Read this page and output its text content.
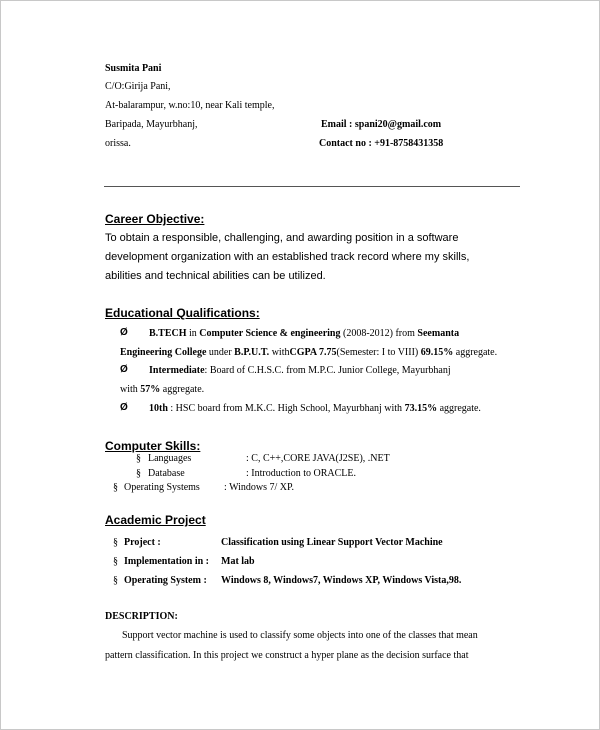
Susmita Pani
C/O:Girija Pani,
At-balarampur, w.no:10, near Kali temple,
Baripada, Mayurbhanj,
orissa.
Email : spani20@gmail.com
Contact no : +91-8758431358
Career Objective:
To obtain a responsible, challenging, and awarding position in a software
development organization with an established track record where my skills,
abilities and technical abilities can be utilized.
Educational Qualifications:
Ø B.TECH in Computer Science & engineering (2008-2012) from Seemanta
Engineering College under B.P.U.T. withCGPA 7.75(Semester: I to VIII) 69.15% aggregate.
Ø Intermediate: Board of C.H.S.C. from M.P.C. Junior College, Mayurbhanj
with 57% aggregate.
Ø 10th : HSC board from M.K.C. High School, Mayurbhanj with 73.15% aggregate.
Computer Skills:
§ Languages	: C, C++,CORE JAVA(J2SE), .NET
§ Database	: Introduction to ORACLE.
§ Operating Systems : Windows 7/ XP.
Academic Project
§ Project :	Classification using Linear Support Vector Machine
§ Implementation in : Mat lab
§ Operating System : Windows 8, Windows7, Windows XP, Windows Vista,98.
DESCRIPTION:
Support vector machine is used to classify some objects into one of the classes that mean
pattern classification. In this project we construct a hyper plane as the decision surface that
